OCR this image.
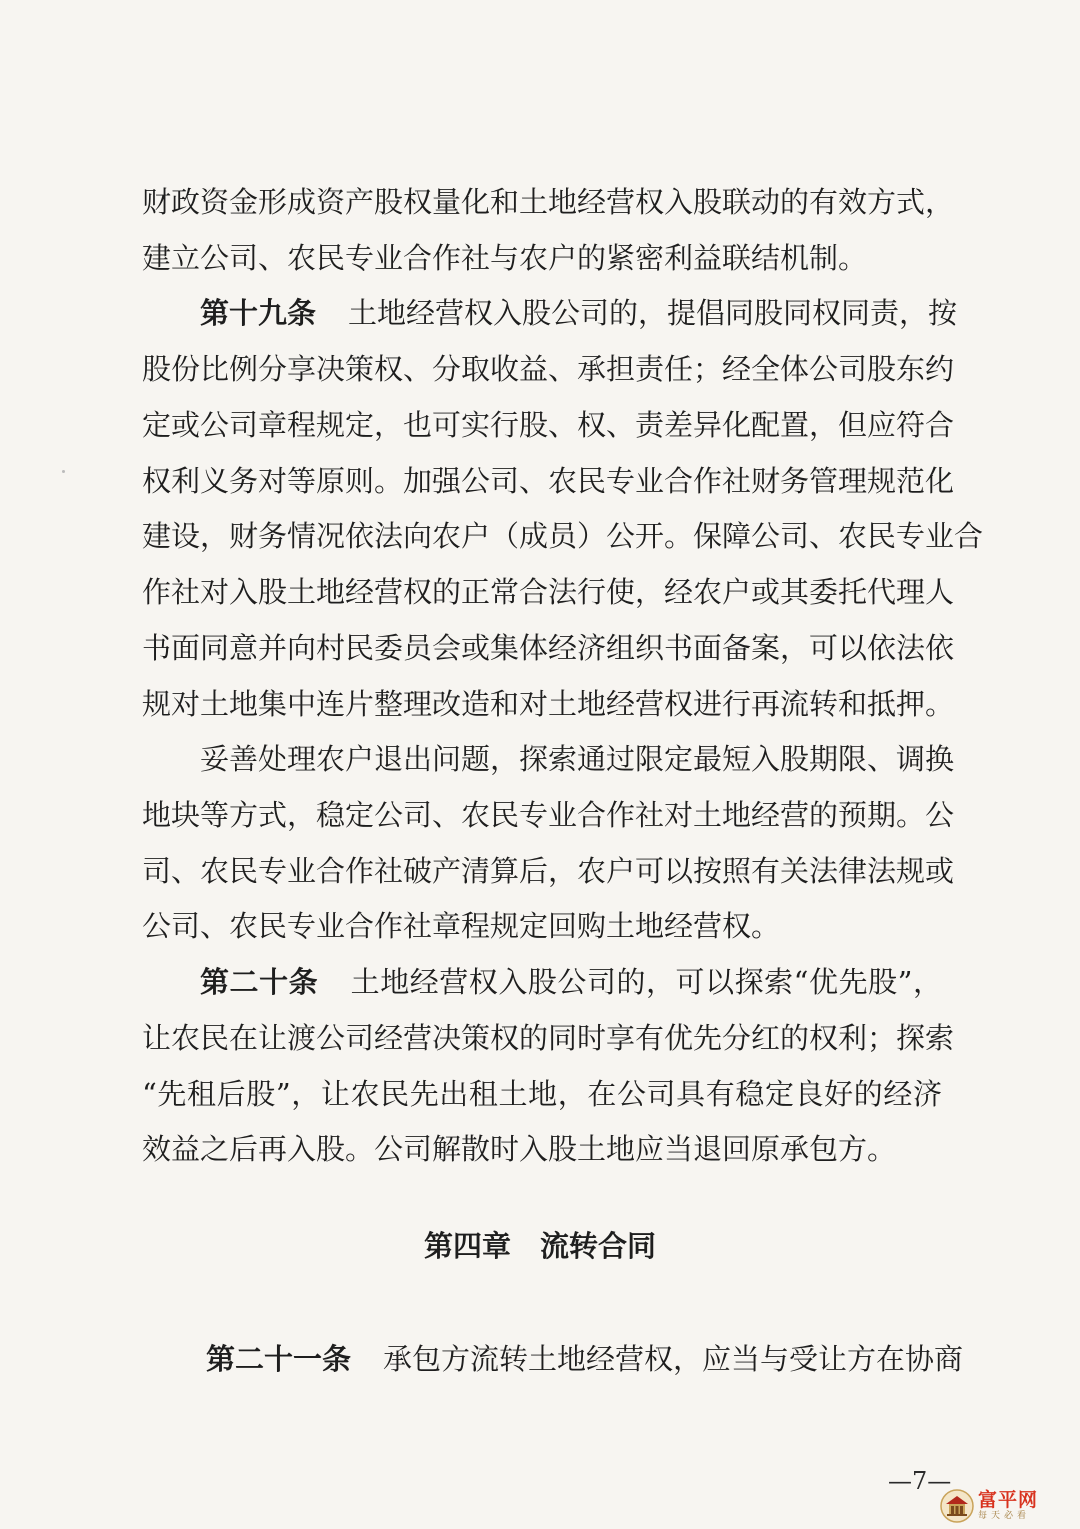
财政资金形成资产股权量化和土地经营权入股联动的有效方式，
建立公司、农民专业合作社与农户的紧密利益联结机制。
第十九条 土地经营权入股公司的，提倡同股同权同责，按
股份比例分享决策权、分取收益、承担责任；经全体公司股东约
定或公司章程规定，也可实行股、权、责差异化配置，但应符合
权利义务对等原则。加强公司、农民专业合作社财务管理规范化
建设，财务情况依法向农户（成员）公开。保障公司、农民专业合
作社对入股土地经营权的正常合法行使，经农户或其委托代理人
书面同意并向村民委员会或集体经济组织书面备案，可以依法依
规对土地集中连片整理改造和对土地经营权进行再流转和抵押。
妥善处理农户退出问题，探索通过限定最短入股期限、调换
地块等方式，稳定公司、农民专业合作社对土地经营的预期。公
司、农民专业合作社破产清算后，农户可以按照有关法律法规或
公司、农民专业合作社章程规定回购土地经营权。
第二十条 土地经营权入股公司的，可以探索“优先股”，
让农民在让渡公司经营决策权的同时享有优先分红的权利；探索
“先租后股”，让农民先出租土地，在公司具有稳定良好的经济
效益之后再入股。公司解散时入股土地应当退回原承包方。
第四章　流转合同
第二十一条 承包方流转土地经营权，应当与受让方在协商
—7—
富平网
每天必看
